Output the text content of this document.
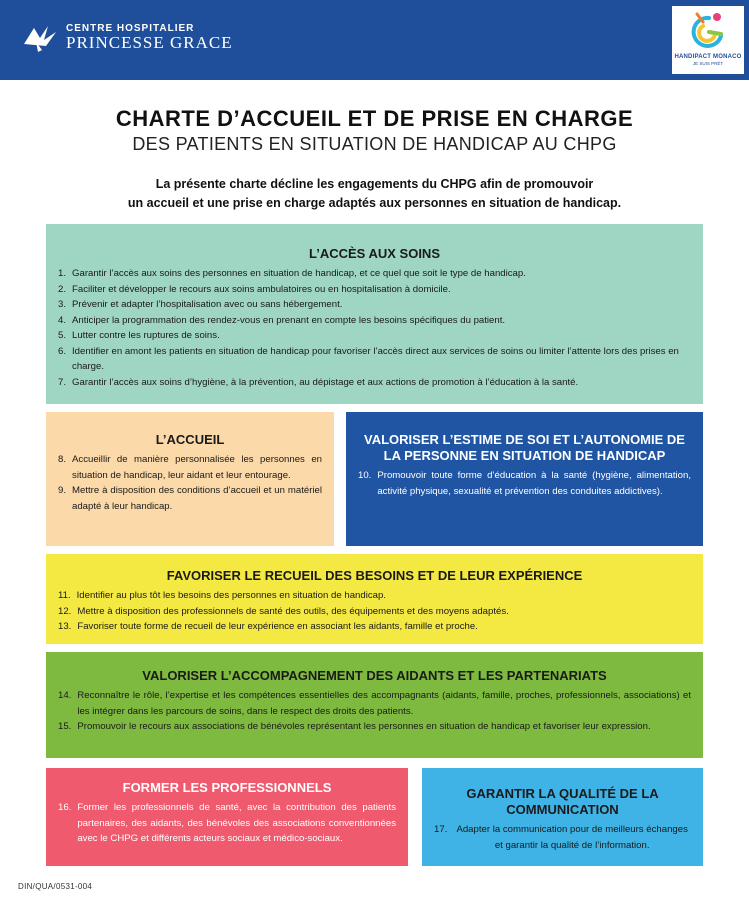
CENTRE HOSPITALIER
PRINCESSE GRACE
HANDIPACT MONACO
JE SUIS PRÊT
CHARTE D’ACCUEIL ET DE PRISE EN CHARGE
DES PATIENTS EN SITUATION DE HANDICAP AU CHPG
La présente charte décline les engagements du CHPG afin de promouvoir
un accueil et une prise en charge adaptés aux personnes en situation de handicap.
L’ACCÈS AUX SOINS
1. Garantir l’accès aux soins des personnes en situation de handicap, et ce quel que soit le type de handicap.
2. Faciliter et développer le recours aux soins ambulatoires ou en hospitalisation à domicile.
3. Prévenir et adapter l’hospitalisation avec ou sans hébergement.
4. Anticiper la programmation des rendez-vous en prenant en compte les besoins spécifiques du patient.
5. Lutter contre les ruptures de soins.
6. Identifier en amont les patients en situation de handicap pour favoriser l’accès direct aux services de soins ou limiter l’attente lors des prises en charge.
7. Garantir l’accès aux soins d’hygiène, à la prévention, au dépistage et aux actions de promotion à l’éducation à la santé.
L’ACCUEIL
8. Accueillir de manière personnalisée les personnes en situation de handicap, leur aidant et leur entourage.
9. Mettre à disposition des conditions d’accueil et un matériel adapté à leur handicap.
VALORISER L’ESTIME DE SOI ET L’AUTONOMIE DE LA PERSONNE EN SITUATION DE HANDICAP
10. Promouvoir toute forme d’éducation à la santé (hygiène, alimentation, activité physique, sexualité et prévention des conduites addictives).
FAVORISER LE RECUEIL DES BESOINS ET DE LEUR EXPÉRIENCE
11. Identifier au plus tôt les besoins des personnes en situation de handicap.
12. Mettre à disposition des professionnels de santé des outils, des équipements et des moyens adaptés.
13. Favoriser toute forme de recueil de leur expérience en associant les aidants, famille et proche.
VALORISER L’ACCOMPAGNEMENT DES AIDANTS ET LES PARTENARIATS
14. Reconnaître le rôle, l’expertise et les compétences essentielles des accompagnants (aidants, famille, proches, professionnels, associations) et les intégrer dans les parcours de soins, dans le respect des droits des patients.
15. Promouvoir le recours aux associations de bénévoles représentant les personnes en situation de handicap et favoriser leur expression.
FORMER LES PROFESSIONNELS
16. Former les professionnels de santé, avec la contribution des patients partenaires, des aidants, des bénévoles des associations conventionnées avec le CHPG et différents acteurs sociaux et médico-sociaux.
GARANTIR LA QUALITÉ DE LA COMMUNICATION
17. Adapter la communication pour de meilleurs échanges et garantir la qualité de l’information.
DIN/QUA/0531-004
